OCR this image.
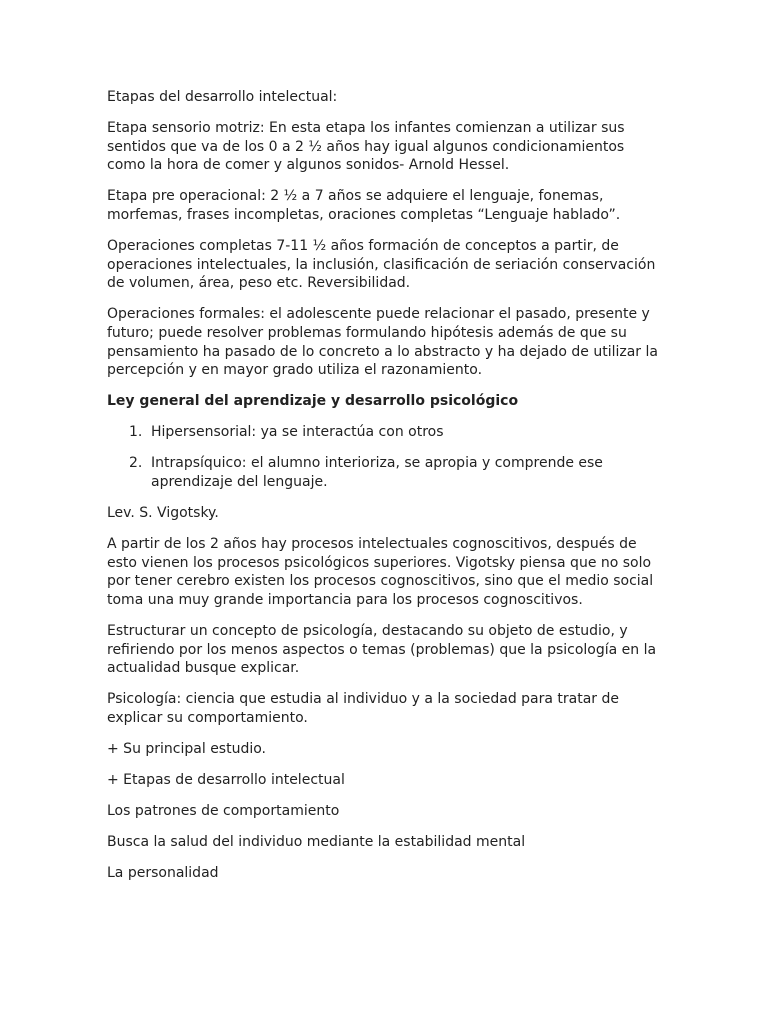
Etapas del desarrollo intelectual:

Etapa sensorio motriz: En esta etapa los infantes comienzan a utilizar sus sentidos que va de los 0 a 2 ½ años hay igual algunos condicionamientos como la hora de comer y algunos sonidos- Arnold Hessel.

Etapa pre operacional: 2 ½ a 7 años se adquiere el lenguaje, fonemas, morfemas, frases incompletas, oraciones completas “Lenguaje hablado”.

Operaciones completas 7-11 ½ años formación de conceptos a partir, de operaciones intelectuales, la inclusión, clasificación de seriación conservación de volumen, área, peso etc. Reversibilidad.

Operaciones formales: el adolescente puede relacionar el pasado, presente y futuro; puede resolver problemas formulando hipótesis además de que su pensamiento ha pasado de lo concreto a lo abstracto y ha dejado de utilizar la percepción y en mayor grado utiliza el razonamiento.

Ley general del aprendizaje y desarrollo psicológico

1. Hipersensorial: ya se interactúa con otros
2. Intrapsíquico: el alumno interioriza, se apropia y comprende ese aprendizaje del lenguaje.

Lev. S. Vigotsky.

A partir de los 2 años hay procesos intelectuales cognoscitivos, después de esto vienen los procesos psicológicos superiores. Vigotsky piensa que no solo por tener cerebro existen los procesos cognoscitivos, sino que el medio social toma una muy grande importancia para los procesos cognoscitivos.

Estructurar un concepto de psicología, destacando su objeto de estudio, y refiriendo por los menos aspectos o temas (problemas) que la psicología en la actualidad busque explicar.

Psicología: ciencia que estudia al individuo y a la sociedad para tratar de explicar su comportamiento.

+ Su principal estudio.

+ Etapas de desarrollo intelectual

Los patrones de comportamiento

Busca la salud del individuo mediante la estabilidad mental

La personalidad
